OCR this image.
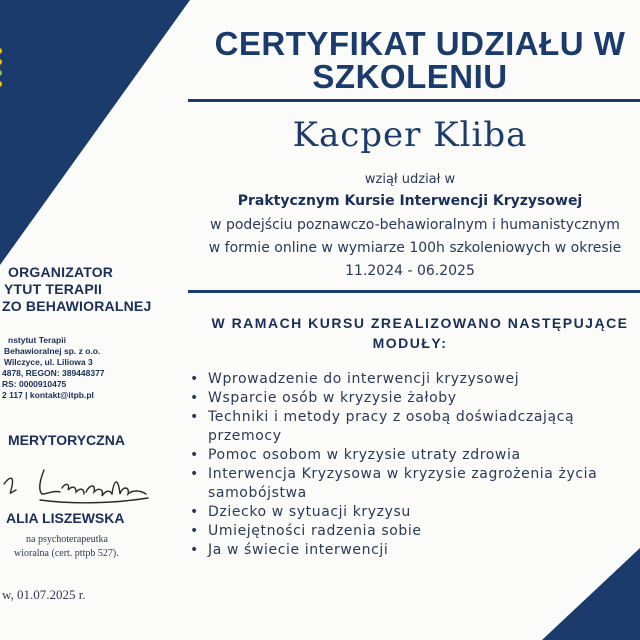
ORGANIZATOR
YTUT TERAPII
ZO BEHAWIORALNEJ
nstytut Terapii
Behawioralnej sp. z o.o.
Wilczyce, ul. Liliowa 3
4878, REGON: 389448377
RS: 0000910475
2 117 | kontakt@itpb.pl
MERYTORYCZNA
ALIA LISZEWSKA
na psychoterapeutka
wioralna (cert. pttpb 527).
w, 01.07.2025 r.
CERTYFIKAT UDZIAŁU W
SZKOLENIU
Kacper Kliba
wziął udział w
Praktycznym Kursie Interwencji Kryzysowej
w podejściu poznawczo-behawioralnym i humanistycznym
w formie online w wymiarze 100h szkoleniowych w okresie
11.2024 - 06.2025
W RAMACH KURSU ZREALIZOWANO NASTĘPUJĄCE
MODUŁY:
• Wprowadzenie do interwencji kryzysowej
• Wsparcie osób w kryzysie żałoby
• Techniki i metody pracy z osobą doświadczającą
przemocy
• Pomoc osobom w kryzysie utraty zdrowia
• Interwencja Kryzysowa w kryzysie zagrożenia życia
samobójstwa
• Dziecko w sytuacji kryzysu
• Umiejętności radzenia sobie
• Ja w świecie interwencji
